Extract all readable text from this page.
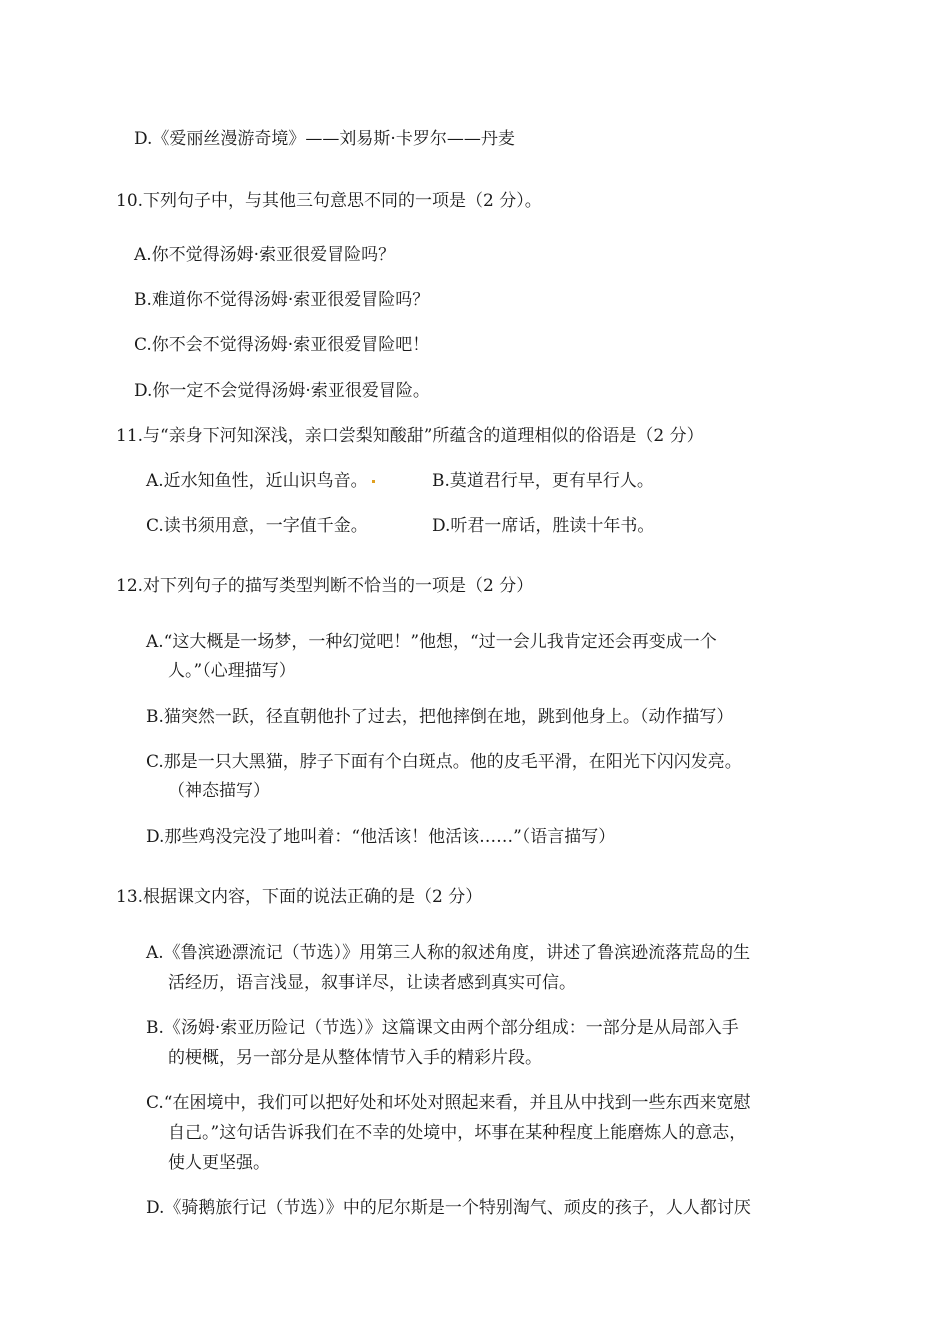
D.《爱丽丝漫游奇境》——刘易斯·卡罗尔——丹麦
10.下列句子中，与其他三句意思不同的一项是（2 分）。
A.你不觉得汤姆·索亚很爱冒险吗？
B.难道你不觉得汤姆·索亚很爱冒险吗？
C.你不会不觉得汤姆·索亚很爱冒险吧！
D.你一定不会觉得汤姆·索亚很爱冒险。
11.与“亲身下河知深浅，亲口尝梨知酸甜”所蕴含的道理相似的俗语是（2 分）
A.近水知鱼性，近山识鸟音。	B.莫道君行早，更有早行人。
C.读书须用意，一字值千金。	D.听君一席话，胜读十年书。
12.对下列句子的描写类型判断不恰当的一项是（2 分）
A.“这大概是一场梦，一种幻觉吧！”他想，“过一会儿我肯定还会再变成一个
人。”（心理描写）
B.猫突然一跃，径直朝他扑了过去，把他摔倒在地，跳到他身上。（动作描写）
C.那是一只大黑猫，脖子下面有个白斑点。他的皮毛平滑，在阳光下闪闪发亮。
（神态描写）
D.那些鸡没完没了地叫着：“他活该！他活该……”（语言描写）
13.根据课文内容，下面的说法正确的是（2 分）
A.《鲁滨逊漂流记（节选）》用第三人称的叙述角度，讲述了鲁滨逊流落荒岛的生
活经历，语言浅显，叙事详尽，让读者感到真实可信。
B.《汤姆·索亚历险记（节选）》这篇课文由两个部分组成：一部分是从局部入手
的梗概，另一部分是从整体情节入手的精彩片段。
C.“在困境中，我们可以把好处和坏处对照起来看，并且从中找到一些东西来宽慰
自己。”这句话告诉我们在不幸的处境中，坏事在某种程度上能磨炼人的意志，
使人更坚强。
D.《骑鹅旅行记（节选）》中的尼尔斯是一个特别淘气、顽皮的孩子，人人都讨厌
